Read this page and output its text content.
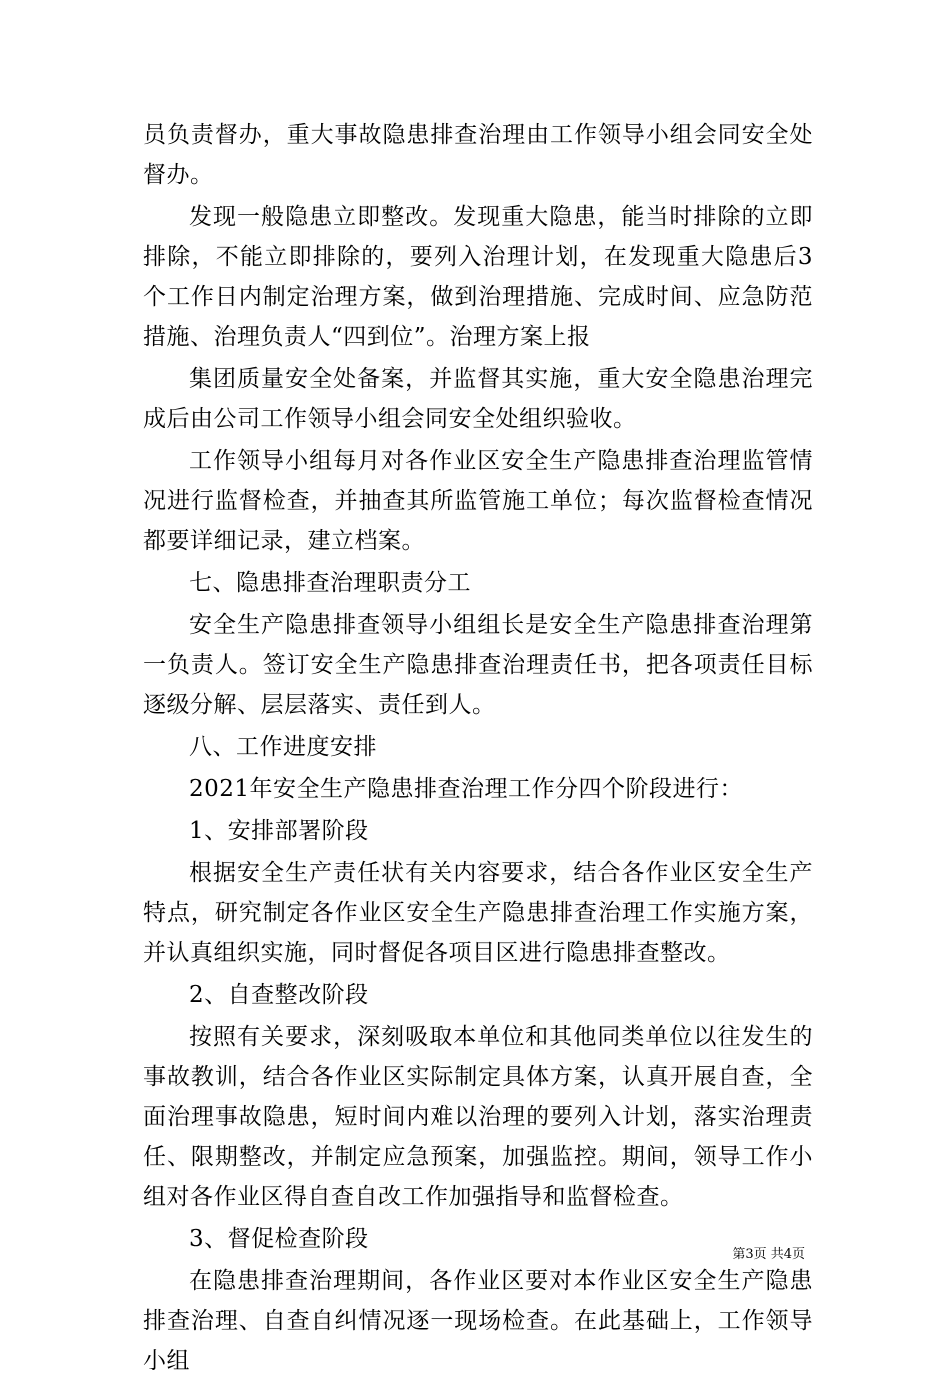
员负责督办，重大事故隐患排查治理由工作领导小组会同安全处督办。

发现一般隐患立即整改。发现重大隐患，能当时排除的立即排除，不能立即排除的，要列入治理计划，在发现重大隐患后3个工作日内制定治理方案，做到治理措施、完成时间、应急防范措施、治理负责人“四到位”。治理方案上报

集团质量安全处备案，并监督其实施，重大安全隐患治理完成后由公司工作领导小组会同安全处组织验收。

工作领导小组每月对各作业区安全生产隐患排查治理监管情况进行监督检查，并抽查其所监管施工单位；每次监督检查情况都要详细记录，建立档案。

七、隐患排查治理职责分工

安全生产隐患排查领导小组组长是安全生产隐患排查治理第一负责人。签订安全生产隐患排查治理责任书，把各项责任目标逐级分解、层层落实、责任到人。

八、工作进度安排

2021年安全生产隐患排查治理工作分四个阶段进行：

1、安排部署阶段

根据安全生产责任状有关内容要求，结合各作业区安全生产特点，研究制定各作业区安全生产隐患排查治理工作实施方案，并认真组织实施，同时督促各项目区进行隐患排查整改。

2、自查整改阶段

按照有关要求，深刻吸取本单位和其他同类单位以往发生的事故教训，结合各作业区实际制定具体方案，认真开展自查，全面治理事故隐患，短时间内难以治理的要列入计划，落实治理责任、限期整改，并制定应急预案，加强监控。期间，领导工作小组对各作业区得自查自改工作加强指导和监督检查。

3、督促检查阶段

在隐患排查治理期间，各作业区要对本作业区安全生产隐患排查治理、自查自纠情况逐一现场检查。在此基础上，工作领导小组

第3页 共4页
